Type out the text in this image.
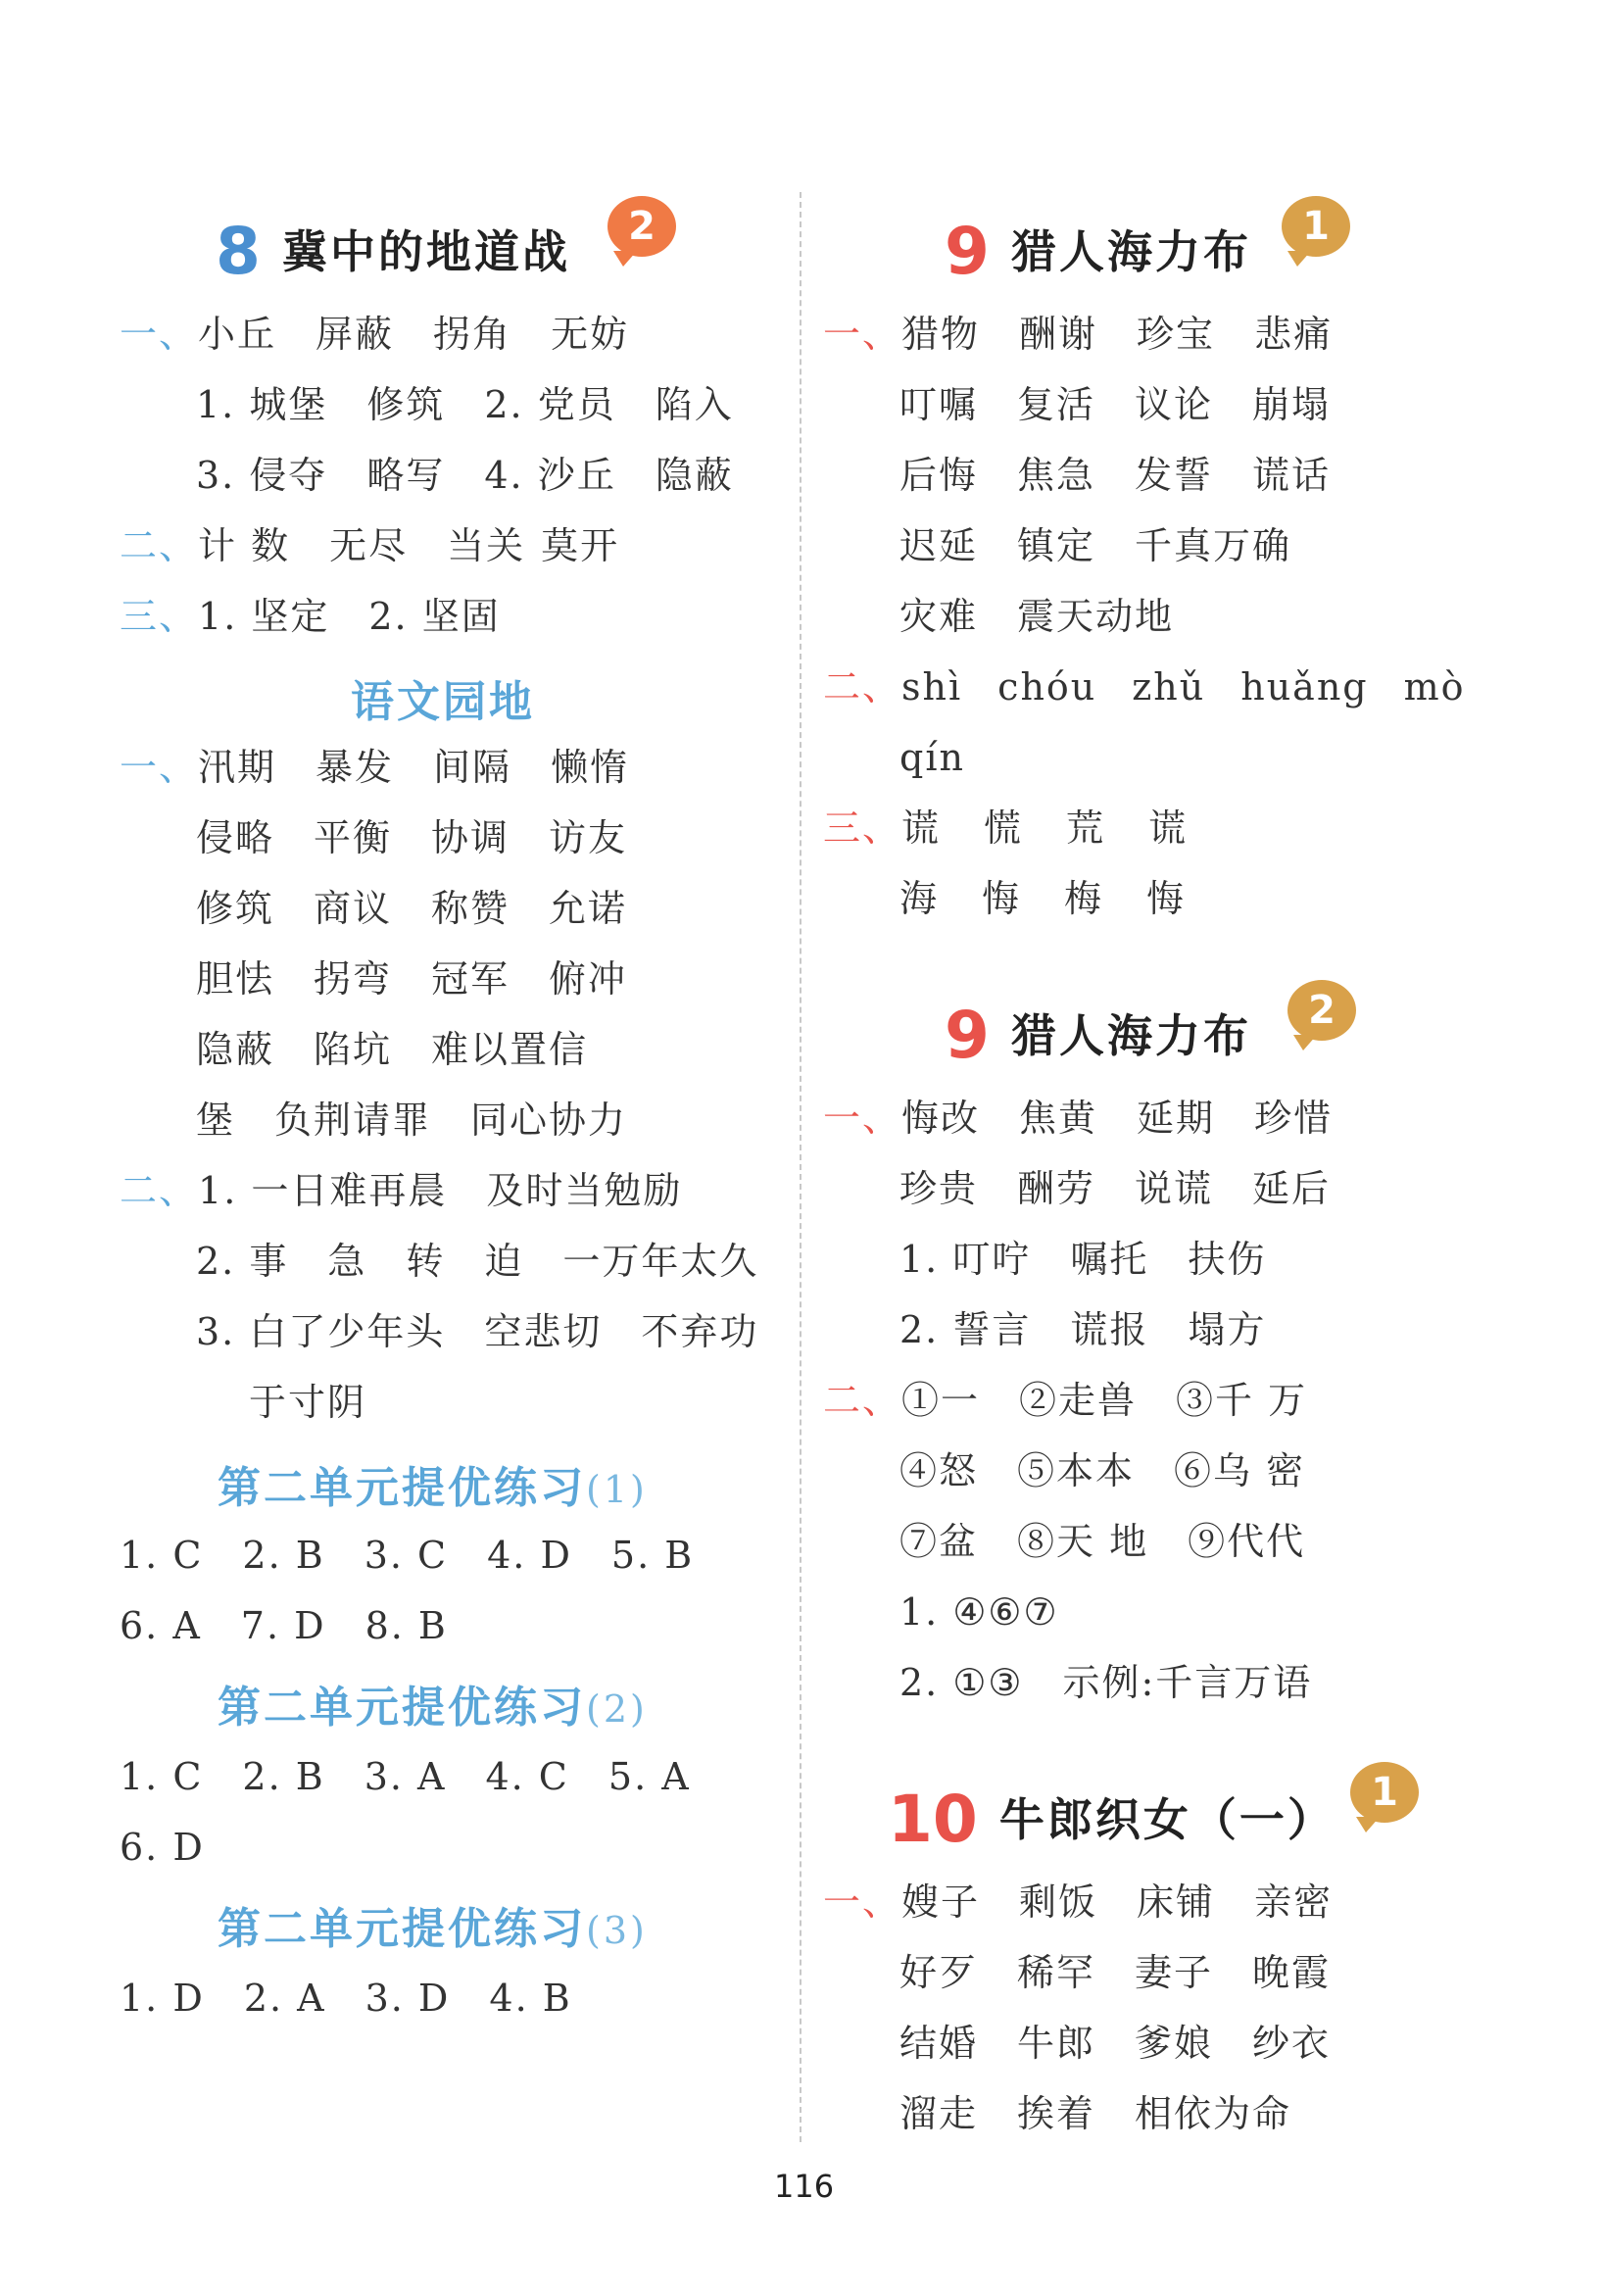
8 冀中的地道战	2
一、小丘 屏蔽 拐角 无妨
1. 城堡 修筑 2. 党员 陷入
3. 侵夺 略写 4. 沙丘 隐蔽
二、计 数 无尽 当关 莫开
三、1. 坚定 2. 坚固
语文园地
一、汛期 暴发 间隔 懒惰
侵略 平衡 协调 访友
修筑 商议 称赞 允诺
胆怯 拐弯 冠军 俯冲
隐蔽 陷坑 难以置信
堡 负荆请罪 同心协力
二、1. 一日难再晨 及时当勉励
2. 事 急 转 迫 一万年太久
3. 白了少年头 空悲切 不弃功
于寸阴
第二单元提优练习(1)
1. C 2. B 3. C 4. D 5. B
6. A 7. D 8. B
第二单元提优练习(2)
1. C 2. B 3. A 4. C 5. A
6. D
第二单元提优练习(3)
1. D 2. A 3. D 4. B
9 猎人海力布	1
一、猎物 酬谢 珍宝 悲痛
叮嘱 复活 议论 崩塌
后悔 焦急 发誓 谎话
迟延 镇定 千真万确
灾难 震天动地
二、shì chóu zhǔ huǎng mò
qín
三、谎 慌 荒 谎
海 悔 梅 悔
9 猎人海力布	2
一、悔改 焦黄 延期 珍惜
珍贵 酬劳 说谎 延后
1. 叮咛 嘱托 扶伤
2. 誓言 谎报 塌方
二、①一 ②走兽 ③千 万
④怒 ⑤本本 ⑥乌 密
⑦盆 ⑧天 地 ⑨代代
1. ④⑥⑦
2. ①③ 示例:千言万语
10 牛郎织女（一）
1
一、嫂子 剩饭 床铺 亲密
好歹 稀罕 妻子 晚霞
结婚 牛郎 爹娘 纱衣
溜走 挨着 相依为命
116
